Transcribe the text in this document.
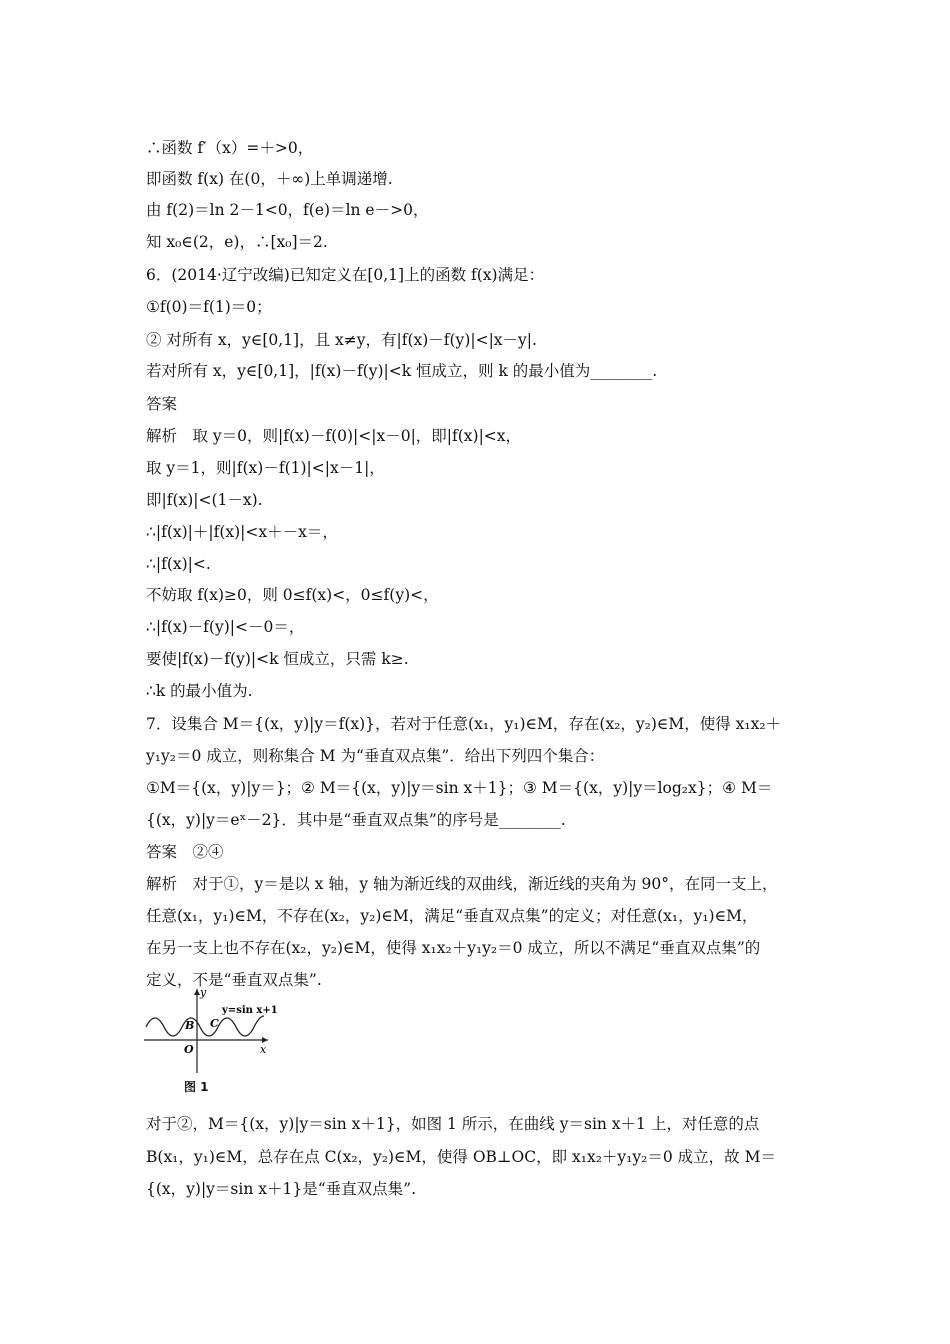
∴函数 f′（x）=＋>0，
即函数 f(x) 在(0，＋∞)上单调递增.
由 f(2)＝ln 2－1<0，f(e)＝ln e－>0，
知 x₀∈(2，e)，∴[x₀]＝2.
6．(2014·辽宁改编)已知定义在[0,1]上的函数 f(x)满足：
①f(0)＝f(1)＝0；
② 对所有 x，y∈[0,1]，且 x≠y，有|f(x)－f(y)|<|x－y|.
若对所有 x，y∈[0,1]，|f(x)－f(y)|<k 恒成立，则 k 的最小值为________.
答案
解析　取 y＝0，则|f(x)－f(0)|<|x－0|，即|f(x)|<x，
取 y＝1，则|f(x)－f(1)|<|x－1|，
即|f(x)|<(1－x).
∴|f(x)|＋|f(x)|<x＋－x＝，
∴|f(x)|<.
不妨取 f(x)≥0，则 0≤f(x)<，0≤f(y)<，
∴|f(x)－f(y)|<－0＝，
要使|f(x)－f(y)|<k 恒成立，只需 k≥.
∴k 的最小值为.
7．设集合 M＝{(x，y)|y＝f(x)}，若对于任意(x₁，y₁)∈M，存在(x₂，y₂)∈M，使得 x₁x₂＋
y₁y₂＝0 成立，则称集合 M 为“垂直双点集”．给出下列四个集合：
①M＝{(x，y)|y＝}；② M＝{(x，y)|y＝sin x＋1}；③ M＝{(x，y)|y＝log₂x}；④ M＝
{(x，y)|y＝eˣ－2}．其中是“垂直双点集”的序号是________.
答案　②④
解析　对于①，y＝是以 x 轴，y 轴为渐近线的双曲线，渐近线的夹角为 90°，在同一支上，
任意(x₁，y₁)∈M，不存在(x₂，y₂)∈M，满足“垂直双点集”的定义；对任意(x₁，y₁)∈M，
在另一支上也不存在(x₂，y₂)∈M，使得 x₁x₂＋y₁y₂＝0 成立，所以不满足“垂直双点集”的
定义，不是“垂直双点集”.
y
x
O
B C
y=sin x+1
图 1
对于②，M＝{(x，y)|y＝sin x＋1}，如图 1 所示，在曲线 y＝sin x＋1 上，对任意的点
B(x₁，y₁)∈M，总存在点 C(x₂，y₂)∈M，使得 OB⊥OC，即 x₁x₂＋y₁y₂＝0 成立，故 M＝
{(x，y)|y＝sin x＋1}是“垂直双点集”.
